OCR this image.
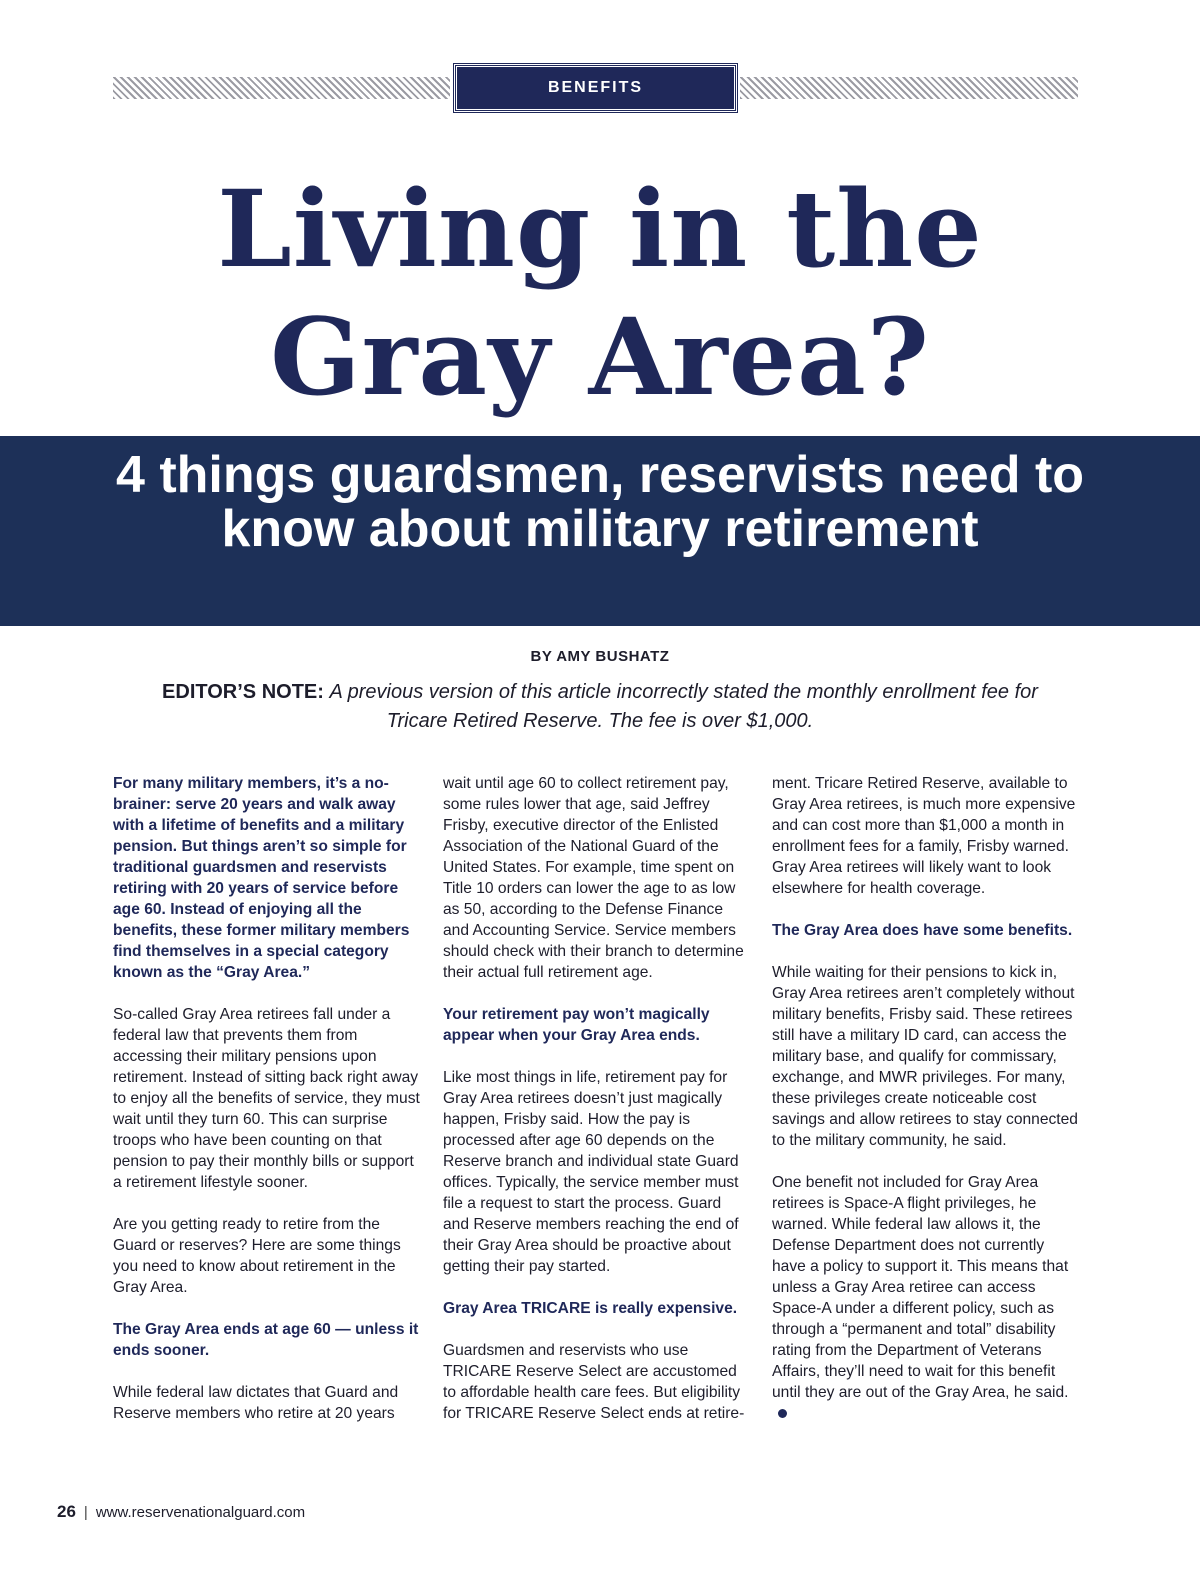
BENEFITS
Living in the
Gray Area?
4 things guardsmen, reservists need to know about military retirement
BY AMY BUSHATZ
EDITOR’S NOTE: A previous version of this article incorrectly stated the monthly enrollment fee for Tricare Retired Reserve. The fee is over $1,000.

For many military members, it’s a no-brainer: serve 20 years and walk away with a lifetime of benefits and a military pension. But things aren’t so simple for traditional guardsmen and reservists retiring with 20 years of service before age 60. Instead of enjoying all the benefits, these former military members find themselves in a special category known as the “Gray Area.”

So-called Gray Area retirees fall under a federal law that prevents them from accessing their military pensions upon retirement. Instead of sitting back right away to enjoy all the benefits of service, they must wait until they turn 60. This can surprise troops who have been counting on that pension to pay their monthly bills or support a retirement lifestyle sooner.

Are you getting ready to retire from the Guard or reserves? Here are some things you need to know about retirement in the Gray Area.

The Gray Area ends at age 60 — unless it ends sooner.

While federal law dictates that Guard and Reserve members who retire at 20 years

wait until age 60 to collect retirement pay, some rules lower that age, said Jeffrey Frisby, executive director of the Enlisted Association of the National Guard of the United States. For example, time spent on Title 10 orders can lower the age to as low as 50, according to the Defense Finance and Accounting Service. Service members should check with their branch to determine their actual full retirement age.

Your retirement pay won’t magically appear when your Gray Area ends.

Like most things in life, retirement pay for Gray Area retirees doesn’t just magically happen, Frisby said. How the pay is processed after age 60 depends on the Reserve branch and individual state Guard offices. Typically, the service member must file a request to start the process. Guard and Reserve members reaching the end of their Gray Area should be proactive about getting their pay started.

Gray Area TRICARE is really expensive.

Guardsmen and reservists who use TRICARE Reserve Select are accustomed to affordable health care fees. But eligibility for TRICARE Reserve Select ends at retire-

ment. Tricare Retired Reserve, available to Gray Area retirees, is much more expensive and can cost more than $1,000 a month in enrollment fees for a family, Frisby warned. Gray Area retirees will likely want to look elsewhere for health coverage.

The Gray Area does have some benefits.

While waiting for their pensions to kick in, Gray Area retirees aren’t completely without military benefits, Frisby said. These retirees still have a military ID card, can access the military base, and qualify for commissary, exchange, and MWR privileges. For many, these privileges create noticeable cost savings and allow retirees to stay connected to the military community, he said.

One benefit not included for Gray Area retirees is Space-A flight privileges, he warned. While federal law allows it, the Defense Department does not currently have a policy to support it. This means that unless a Gray Area retiree can access Space-A under a different policy, such as through a “permanent and total” disability rating from the Department of Veterans Affairs, they’ll need to wait for this benefit until they are out of the Gray Area, he said.

26 | www.reservenationalguard.com
